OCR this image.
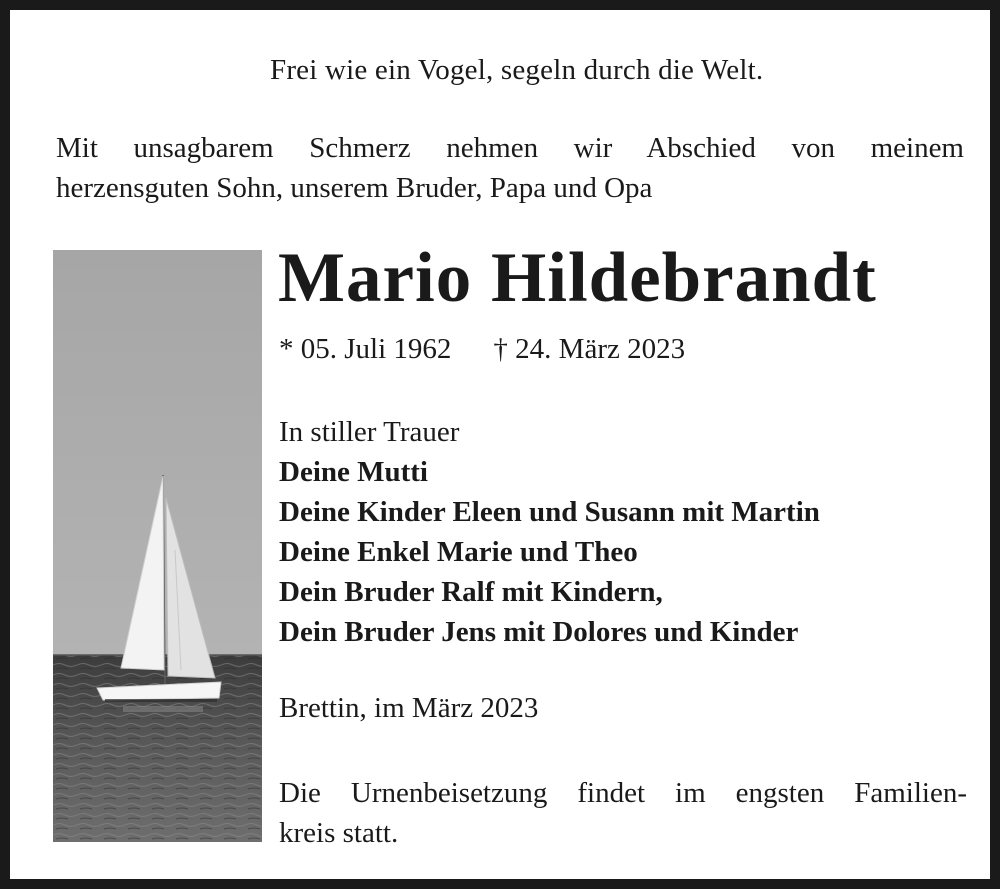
Frei wie ein Vogel, segeln durch die Welt.
Mit unsagbarem Schmerz nehmen wir Abschied von meinem
herzensguten Sohn, unserem Bruder, Papa und Opa
Mario Hildebrandt
* 05. Juli 1962 † 24. März 2023
In stiller Trauer
Deine Mutti
Deine Kinder Eleen und Susann mit Martin
Deine Enkel Marie und Theo
Dein Bruder Ralf mit Kindern,
Dein Bruder Jens mit Dolores und Kinder
Brettin, im März 2023
Die Urnenbeisetzung findet im engsten Familien-
kreis statt.
